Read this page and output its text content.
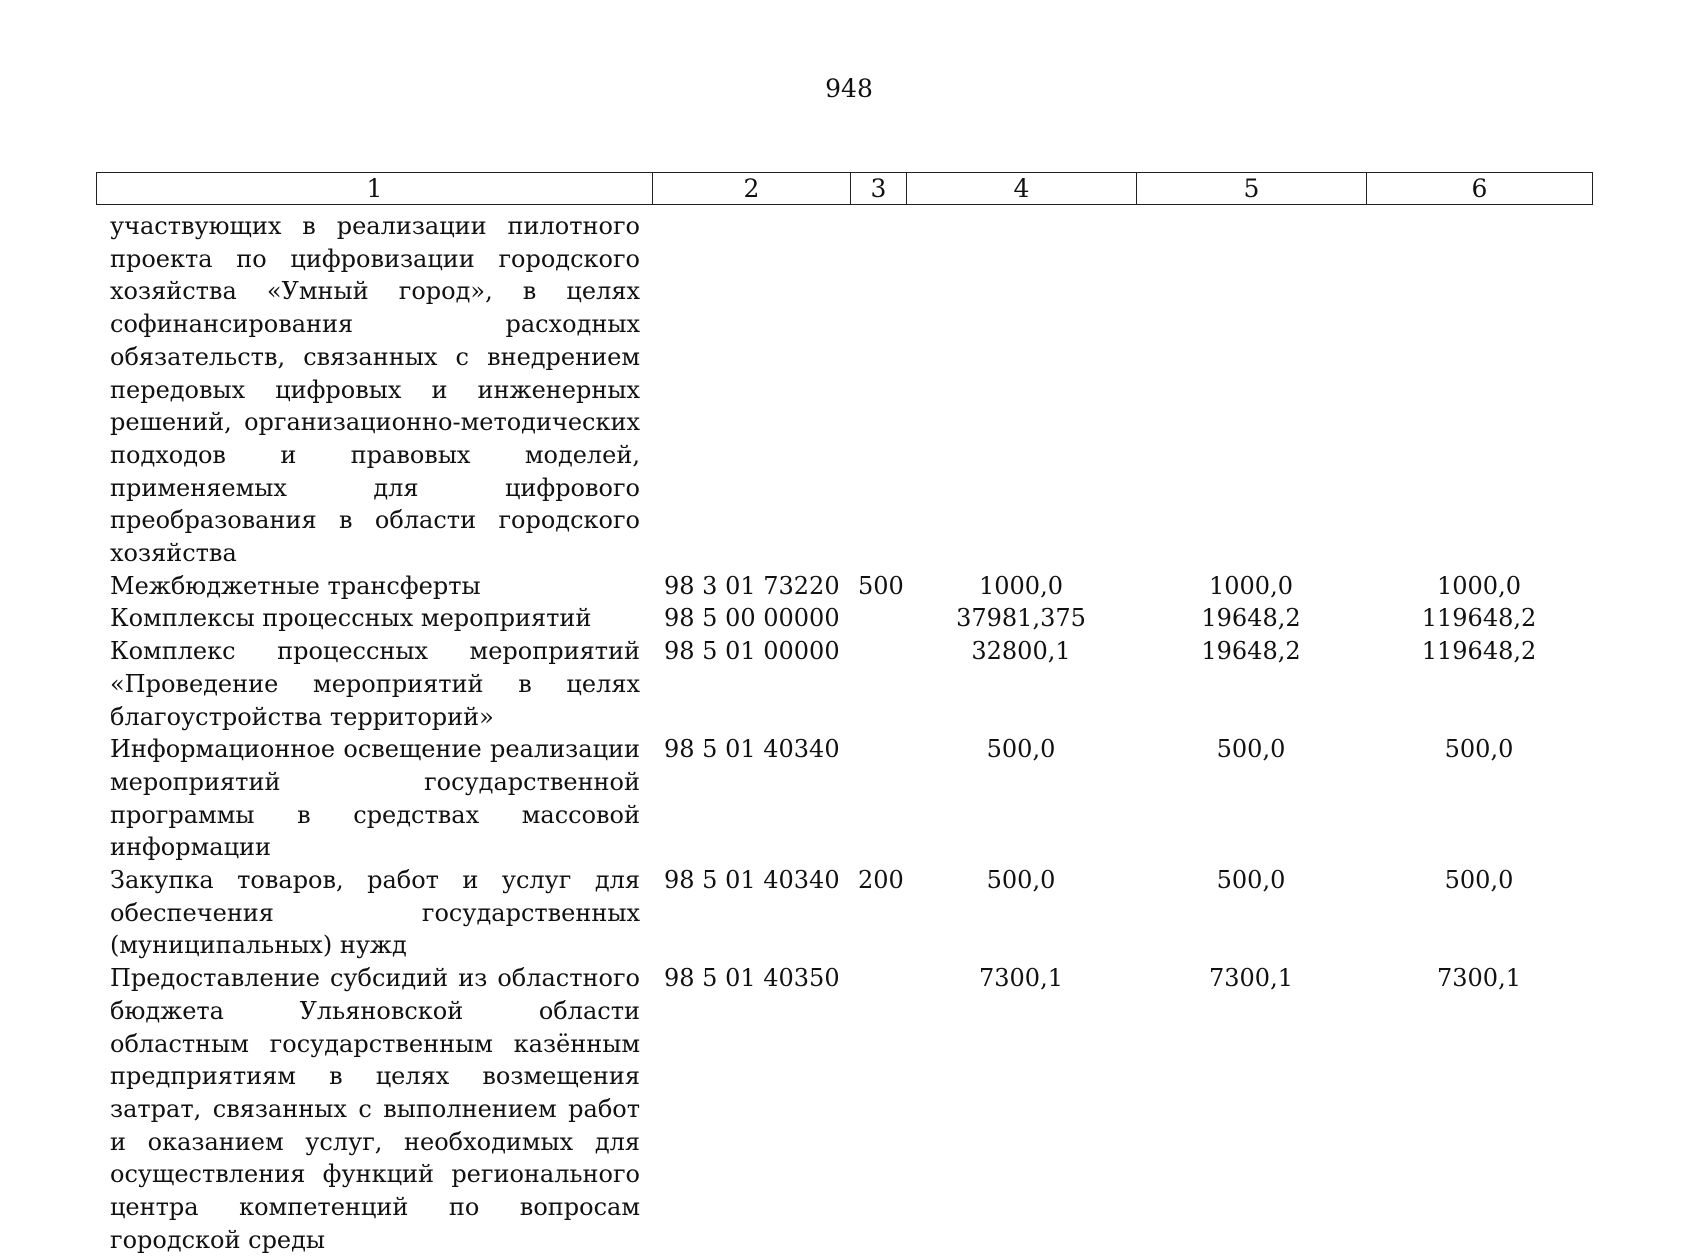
948
1	2	3	4	5	6
участвующих в реализации пилотного проекта по цифровизации городского хозяйства «Умный город», в целях софинансирования расходных обязательств, связанных с внедрением передовых цифровых и инженерных решений, организационно-методических подходов и правовых моделей, применяемых для цифрового преобразования в области городского хозяйства					
Межбюджетные трансферты	98 3 01 73220	500	1000,0	1000,0	1000,0
Комплексы процессных мероприятий	98 5 00 00000		37981,375	19648,2	119648,2
Комплекс процессных мероприятий «Проведение мероприятий в целях благоустройства территорий»	98 5 01 00000		32800,1	19648,2	119648,2
Информационное освещение реализации мероприятий государственной программы в средствах массовой информации	98 5 01 40340		500,0	500,0	500,0
Закупка товаров, работ и услуг для обеспечения государственных (муниципальных) нужд	98 5 01 40340	200	500,0	500,0	500,0
Предоставление субсидий из областного бюджета Ульяновской области областным государственным казённым предприятиям в целях возмещения затрат, связанных с выполнением работ и оказанием услуг, необходимых для осуществления функций регионального центра компетенций по вопросам городской среды	98 5 01 40350		7300,1	7300,1	7300,1
